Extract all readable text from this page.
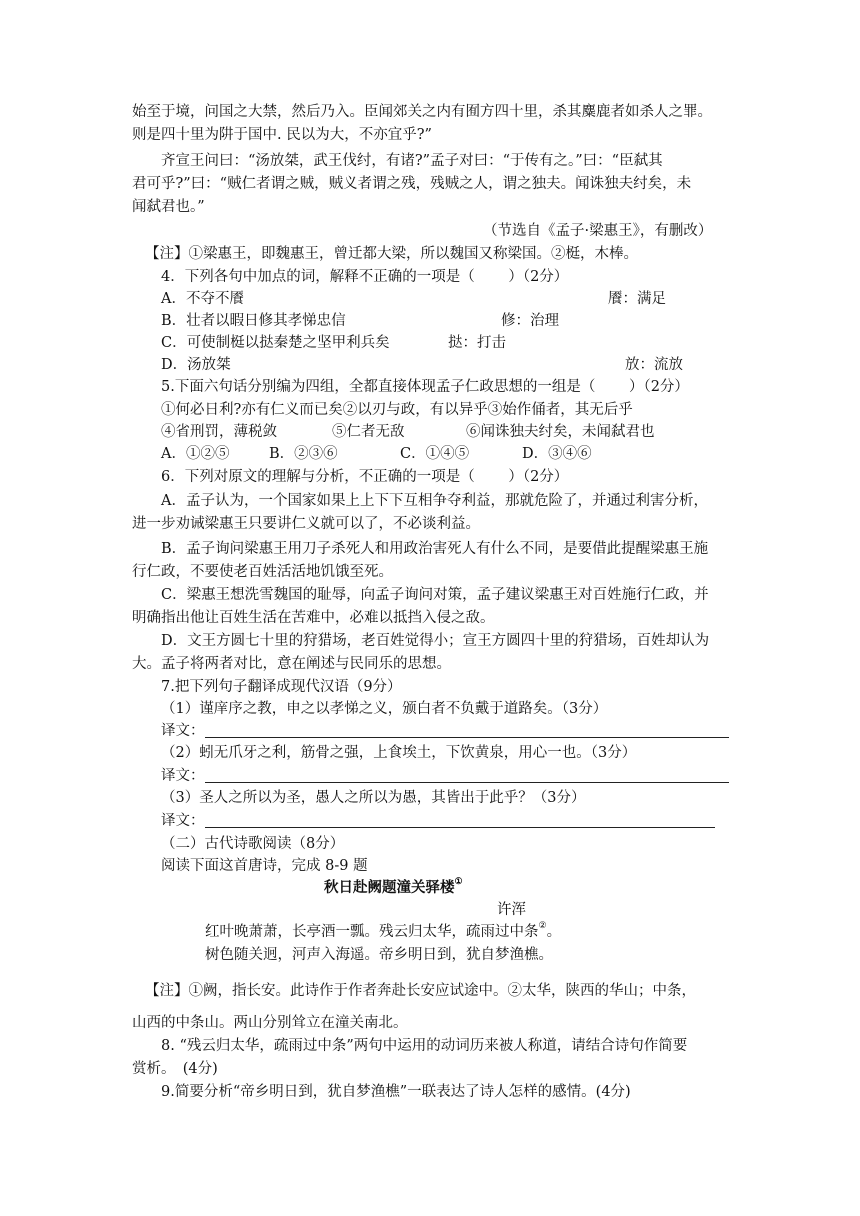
始至于境，问国之大禁，然后乃入。臣闻郊关之内有囿方四十里，杀其麋鹿者如杀人之罪。
则是四十里为阱于国中. 民以为大，不亦宜乎?”
齐宣王问曰：“汤放桀，武王伐纣，有诸?”孟子对曰：“于传有之。”曰：“臣弑其
君可乎?”曰：“贼仁者谓之贼，贼义者谓之残，残贼之人，谓之独夫。闻诛独夫纣矣，未
闻弑君也。”
（节选自《孟子·梁惠王》，有删改）
【注】①梁惠王，即魏惠王，曾迁都大梁，所以魏国又称梁国。②梃，木棒。
4．下列各句中加点的词，解释不正确的一项是（　　 ）（2分）
A．不夺不餍	餍：满足
B．壮者以暇日修其孝悌忠信	修：治理
C．可使制梃以挞秦楚之坚甲利兵矣	挞：打击
D．汤放桀	放：流放
5.下面六句话分别编为四组，全都直接体现孟子仁政思想的一组是（　　 ）（2分）
①何必日利?亦有仁义而已矣②以刃与政，有以异乎③始作俑者，其无后乎
④省刑罚，薄税敛	⑤仁者无敌	⑥闻诛独夫纣矣，未闻弑君也
A．①②⑤	B．②③⑥	C．①④⑤	D．③④⑥
6．下列对原文的理解与分析，不正确的一项是（　　 ）（2分）
A．孟子认为，一个国家如果上上下下互相争夺利益，那就危险了，并通过利害分析，
进一步劝诫梁惠王只要讲仁义就可以了，不必谈利益。
B．孟子询问梁惠王用刀子杀死人和用政治害死人有什么不同，是要借此提醒梁惠王施
行仁政，不要使老百姓活活地饥饿至死。
C．梁惠王想洗雪魏国的耻辱，向孟子询问对策，孟子建议梁惠王对百姓施行仁政，并
明确指出他让百姓生活在苦难中，必难以抵挡入侵之敌。
D．文王方圆七十里的狩猎场，老百姓觉得小；宣王方圆四十里的狩猎场，百姓却认为
大。孟子将两者对比，意在阐述与民同乐的思想。
7.把下列句子翻译成现代汉语（9分）
（1）谨庠序之教，申之以孝悌之义，颁白者不负戴于道路矣。（3分）
译文：
（2）蚓无爪牙之利，筋骨之强，上食埃土，下饮黄泉，用心一也。（3分）
译文：
（3）圣人之所以为圣，愚人之所以为愚，其皆出于此乎？（3分）
译文：
（二）古代诗歌阅读（8分）
阅读下面这首唐诗，完成 8-9 题
秋日赴阙题潼关驿楼①
许浑
红叶晚萧萧，长亭酒一瓢。残云归太华，疏雨过中条②。
树色随关迥，河声入海遥。帝乡明日到，犹自梦渔樵。
【注】①阙，指长安。此诗作于作者奔赴长安应试途中。②太华，陕西的华山；中条，
山西的中条山。两山分别耸立在潼关南北。
8. “残云归太华，疏雨过中条”两句中运用的动词历来被人称道，请结合诗句作简要
赏析。　(4分)
9.简要分析“帝乡明日到，犹自梦渔樵”一联表达了诗人怎样的感情。(4分)
